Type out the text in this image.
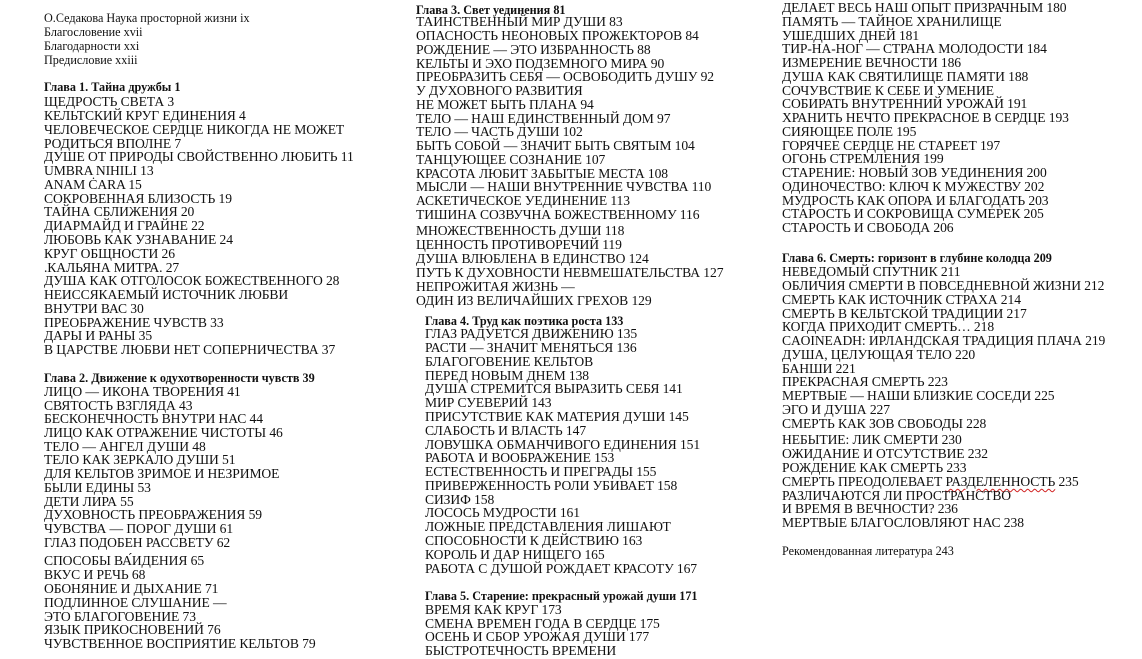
О.Седакова Наука просторной жизни ix
Благословение xvii
Благодарности xxi
Предисловие xxiii
Глава 1. Тайна дружбы 1
ЩЕДРОСТЬ СВЕТА 3
КЕЛЬТСКИЙ КРУГ ЕДИНЕНИЯ 4
ЧЕЛОВЕЧЕСКОЕ СЕРДЦЕ НИКОГДА НЕ МОЖЕТ
РОДИТЬСЯ ВПОЛНЕ 7
ДУШЕ ОТ ПРИРОДЫ СВОЙСТВЕННО ЛЮБИТЬ 11
UMBRA NIHILI 13
ANAM ĊARA 15
СОКРОВЕННАЯ БЛИЗОСТЬ 19
ТАЙНА СБЛИЖЕНИЯ 20
ДИАРМАЙД И ГРАЙНЕ 22
ЛЮБОВЬ КАК УЗНАВАНИЕ 24
КРУГ ОБЩНОСТИ 26
.КАЛЬЯНА МИТРА. 27
ДУША КАК ОТГОЛОСОК БОЖЕСТВЕННОГО 28
НЕИССЯКАЕМЫЙ ИСТОЧНИК ЛЮБВИ
ВНУТРИ ВАС 30
ПРЕОБРАЖЕНИЕ ЧУВСТВ 33
ДАРЫ И РАНЫ 35
В ЦАРСТВЕ ЛЮБВИ НЕТ СОПЕРНИЧЕСТВА 37
Глава 2. Движение к одухотворенности чувств 39
ЛИЦО — ИКОНА ТВОРЕНИЯ 41
СВЯТОСТЬ ВЗГЛЯДА 43
БЕСКОНЕЧНОСТЬ ВНУТРИ НАС 44
ЛИЦО КАК ОТРАЖЕНИЕ ЧИСТОТЫ 46
ТЕЛО — АНГЕЛ ДУШИ 48
ТЕЛО КАК ЗЕРКАЛО ДУШИ 51
ДЛЯ КЕЛЬТОВ ЗРИМОЕ И НЕЗРИМОЕ
БЫЛИ ЕДИНЫ 53
ДЕТИ ЛИРА 55
ДУХОВНОСТЬ ПРЕОБРАЖЕНИЯ 59
ЧУВСТВА — ПОРОГ ДУШИ 61
ГЛАЗ ПОДОБЕН РАССВЕТУ 62
СПОСОБЫ ВА́ИДЕНИЯ 65
ВКУС И РЕЧЬ 68
ОБОНЯНИЕ И ДЫХАНИЕ 71
ПОДЛИННОЕ СЛУШАНИЕ —
ЭТО БЛАГОГОВЕНИЕ 73
ЯЗЫК ПРИКОСНОВЕНИЙ 76
ЧУВСТВЕННОЕ ВОСПРИЯТИЕ КЕЛЬТОВ 79
Глава 3. Свет уединения 81
ТАИНСТВЕННЫЙ МИР ДУШИ 83
ОПАСНОСТЬ НЕОНОВЫХ ПРОЖЕКТОРОВ 84
РОЖДЕНИЕ — ЭТО ИЗБРАННОСТЬ 88
КЕЛЬТЫ И ЭХО ПОДЗЕМНОГО МИРА 90
ПРЕОБРАЗИТЬ СЕБЯ — ОСВОБОДИТЬ ДУШУ 92
У ДУХОВНОГО РАЗВИТИЯ
НЕ МОЖЕТ БЫТЬ ПЛАНА 94
ТЕЛО — НАШ ЕДИНСТВЕННЫЙ ДОМ 97
ТЕЛО — ЧАСТЬ ДУШИ 102
БЫТЬ СОБОЙ — ЗНАЧИТ БЫТЬ СВЯТЫМ 104
ТАНЦУЮЩЕЕ СОЗНАНИЕ 107
КРАСОТА ЛЮБИТ ЗАБЫТЫЕ МЕСТА 108
МЫСЛИ — НАШИ ВНУТРЕННИЕ ЧУВСТВА 110
АСКЕТИЧЕСКОЕ УЕДИНЕНИЕ 113
ТИШИНА СОЗВУЧНА БОЖЕСТВЕННОМУ 116
МНОЖЕСТВЕННОСТЬ ДУШИ 118
ЦЕННОСТЬ ПРОТИВОРЕЧИЙ 119
ДУША ВЛЮБЛЕНА В ЕДИНСТВО 124
ПУТЬ К ДУХОВНОСТИ НЕВМЕШАТЕЛЬСТВА 127
НЕПРОЖИТАЯ ЖИЗНЬ —
ОДИН ИЗ ВЕЛИЧАЙШИХ ГРЕХОВ 129
Глава 4. Труд как поэтика роста 133
ГЛАЗ РАДУЕТСЯ ДВИЖЕНИЮ 135
РАСТИ — ЗНАЧИТ МЕНЯТЬСЯ 136
БЛАГОГОВЕНИЕ КЕЛЬТОВ
ПЕРЕД НОВЫМ ДНЕМ 138
ДУША СТРЕМИТСЯ ВЫРАЗИТЬ СЕБЯ 141
МИР СУЕВЕРИЙ 143
ПРИСУТСТВИЕ КАК МАТЕРИЯ ДУШИ 145
СЛАБОСТЬ И ВЛАСТЬ 147
ЛОВУШКА ОБМАНЧИВОГО ЕДИНЕНИЯ 151
РАБОТА И ВООБРАЖЕНИЕ 153
ЕСТЕСТВЕННОСТЬ И ПРЕГРАДЫ 155
ПРИВЕРЖЕННОСТЬ РОЛИ УБИВАЕТ 158
СИЗИФ 158
ЛОСОСЬ МУДРОСТИ 161
ЛОЖНЫЕ ПРЕДСТАВЛЕНИЯ ЛИШАЮТ
СПОСОБНОСТИ К ДЕЙСТВИЮ 163
КОРОЛЬ И ДАР НИЩЕГО 165
РАБОТА С ДУШОЙ РОЖДАЕТ КРАСОТУ 167
Глава 5. Старение: прекрасный урожай души 171
ВРЕМЯ КАК КРУГ 173
СМЕНА ВРЕМЕН ГОДА В СЕРДЦЕ 175
ОСЕНЬ И СБОР УРОЖАЯ ДУШИ 177
БЫСТРОТЕЧНОСТЬ ВРЕМЕНИ
ДЕЛАЕТ ВЕСЬ НАШ ОПЫТ ПРИЗРАЧНЫМ 180
ПАМЯТЬ — ТАЙНОЕ ХРАНИЛИЩЕ
УШЕДШИХ ДНЕЙ 181
ТИР-НА-НОГ — СТРАНА МОЛОДОСТИ 184
ИЗМЕРЕНИЕ ВЕЧНОСТИ 186
ДУША КАК СВЯТИЛИЩЕ ПАМЯТИ 188
СОЧУВСТВИЕ К СЕБЕ И УМЕНИЕ
СОБИРАТЬ ВНУТРЕННИЙ УРОЖАЙ 191
ХРАНИТЬ НЕЧТО ПРЕКРАСНОЕ В СЕРДЦЕ 193
СИЯЮЩЕЕ ПОЛЕ 195
ГОРЯЧЕЕ СЕРДЦЕ НЕ СТАРЕЕТ 197
ОГОНЬ СТРЕМЛЕНИЯ 199
СТАРЕНИЕ: НОВЫЙ ЗОВ УЕДИНЕНИЯ 200
ОДИНОЧЕСТВО: КЛЮЧ К МУЖЕСТВУ 202
МУДРОСТЬ КАК ОПОРА И БЛАГОДАТЬ 203
СТАРОСТЬ И СОКРОВИЩА СУМЕРЕК 205
СТАРОСТЬ И СВОБОДА 206
Глава 6. Смерть: горизонт в глубине колодца 209
НЕВЕДОМЫЙ СПУТНИК 211
ОБЛИЧИЯ СМЕРТИ В ПОВСЕДНЕВНОЙ ЖИЗНИ 212
СМЕРТЬ КАК ИСТОЧНИК СТРАХА 214
СМЕРТЬ В КЕЛЬТСКОЙ ТРАДИЦИИ 217
КОГДА ПРИХОДИТ СМЕРТЬ… 218
CAOINEADH: ИРЛАНДСКАЯ ТРАДИЦИЯ ПЛАЧА 219
ДУША, ЦЕЛУЮЩАЯ ТЕЛО 220
БАНШИ 221
ПРЕКРАСНАЯ СМЕРТЬ 223
МЕРТВЫЕ — НАШИ БЛИЗКИЕ СОСЕДИ 225
ЭГО И ДУША 227
СМЕРТЬ КАК ЗОВ СВОБОДЫ 228
НЕБЫТИЕ: ЛИК СМЕРТИ 230
ОЖИДАНИЕ И ОТСУТСТВИЕ 232
РОЖДЕНИЕ КАК СМЕРТЬ 233
СМЕРТЬ ПРЕОДОЛЕВАЕТ РАЗДЕЛЕННОСТЬ 235
РАЗЛИЧАЮТСЯ ЛИ ПРОСТРАНСТВО
И ВРЕМЯ В ВЕЧНОСТИ? 236
МЕРТВЫЕ БЛАГОСЛОВЛЯЮТ НАС 238
Рекомендованная литература 243
